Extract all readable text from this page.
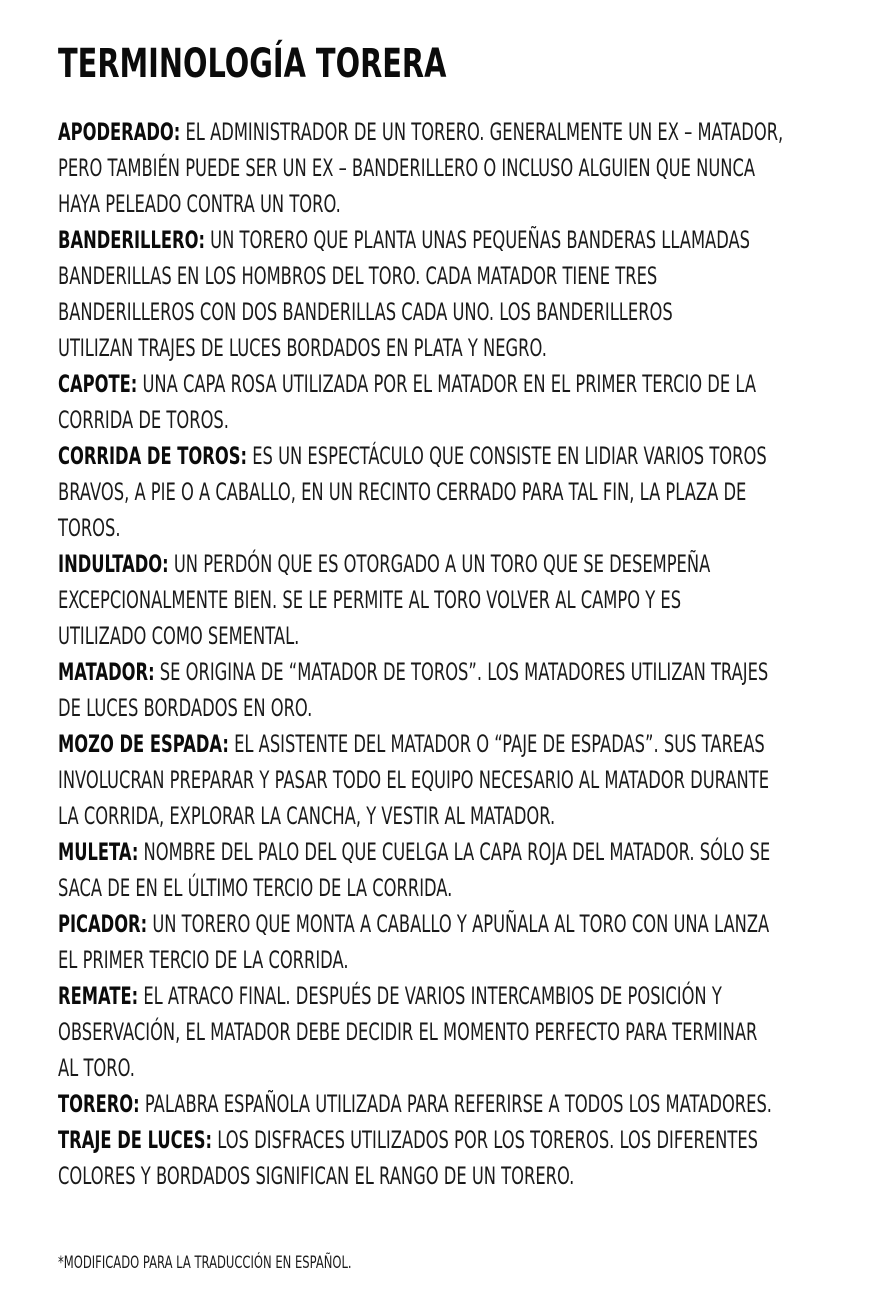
TERMINOLOGÍA TORERA

APODERADO: EL ADMINISTRADOR DE UN TORERO. GENERALMENTE UN EX – MATADOR,
PERO TAMBIÉN PUEDE SER UN EX – BANDERILLERO O INCLUSO ALGUIEN QUE NUNCA
HAYA PELEADO CONTRA UN TORO.

BANDERILLERO: UN TORERO QUE PLANTA UNAS PEQUEÑAS BANDERAS LLAMADAS
BANDERILLAS EN LOS HOMBROS DEL TORO. CADA MATADOR TIENE TRES
BANDERILLEROS CON DOS BANDERILLAS CADA UNO. LOS BANDERILLEROS
UTILIZAN TRAJES DE LUCES BORDADOS EN PLATA Y NEGRO.

CAPOTE: UNA CAPA ROSA UTILIZADA POR EL MATADOR EN EL PRIMER TERCIO DE LA
CORRIDA DE TOROS.

CORRIDA DE TOROS: ES UN ESPECTÁCULO QUE CONSISTE EN LIDIAR VARIOS TOROS
BRAVOS, A PIE O A CABALLO, EN UN RECINTO CERRADO PARA TAL FIN, LA PLAZA DE
TOROS.

INDULTADO: UN PERDÓN QUE ES OTORGADO A UN TORO QUE SE DESEMPEÑA
EXCEPCIONALMENTE BIEN. SE LE PERMITE AL TORO VOLVER AL CAMPO Y ES
UTILIZADO COMO SEMENTAL.

MATADOR: SE ORIGINA DE “MATADOR DE TOROS”. LOS MATADORES UTILIZAN TRAJES
DE LUCES BORDADOS EN ORO.

MOZO DE ESPADA: EL ASISTENTE DEL MATADOR O “PAJE DE ESPADAS”. SUS TAREAS
INVOLUCRAN PREPARAR Y PASAR TODO EL EQUIPO NECESARIO AL MATADOR DURANTE
LA CORRIDA, EXPLORAR LA CANCHA, Y VESTIR AL MATADOR.

MULETA: NOMBRE DEL PALO DEL QUE CUELGA LA CAPA ROJA DEL MATADOR. SÓLO SE
SACA DE EN EL ÚLTIMO TERCIO DE LA CORRIDA.

PICADOR: UN TORERO QUE MONTA A CABALLO Y APUÑALA AL TORO CON UNA LANZA
EL PRIMER TERCIO DE LA CORRIDA.

REMATE: EL ATRACO FINAL. DESPUÉS DE VARIOS INTERCAMBIOS DE POSICIÓN Y
OBSERVACIÓN, EL MATADOR DEBE DECIDIR EL MOMENTO PERFECTO PARA TERMINAR
AL TORO.

TORERO: PALABRA ESPAÑOLA UTILIZADA PARA REFERIRSE A TODOS LOS MATADORES.

TRAJE DE LUCES: LOS DISFRACES UTILIZADOS POR LOS TOREROS. LOS DIFERENTES
COLORES Y BORDADOS SIGNIFICAN EL RANGO DE UN TORERO.

*MODIFICADO PARA LA TRADUCCIÓN EN ESPAÑOL.
